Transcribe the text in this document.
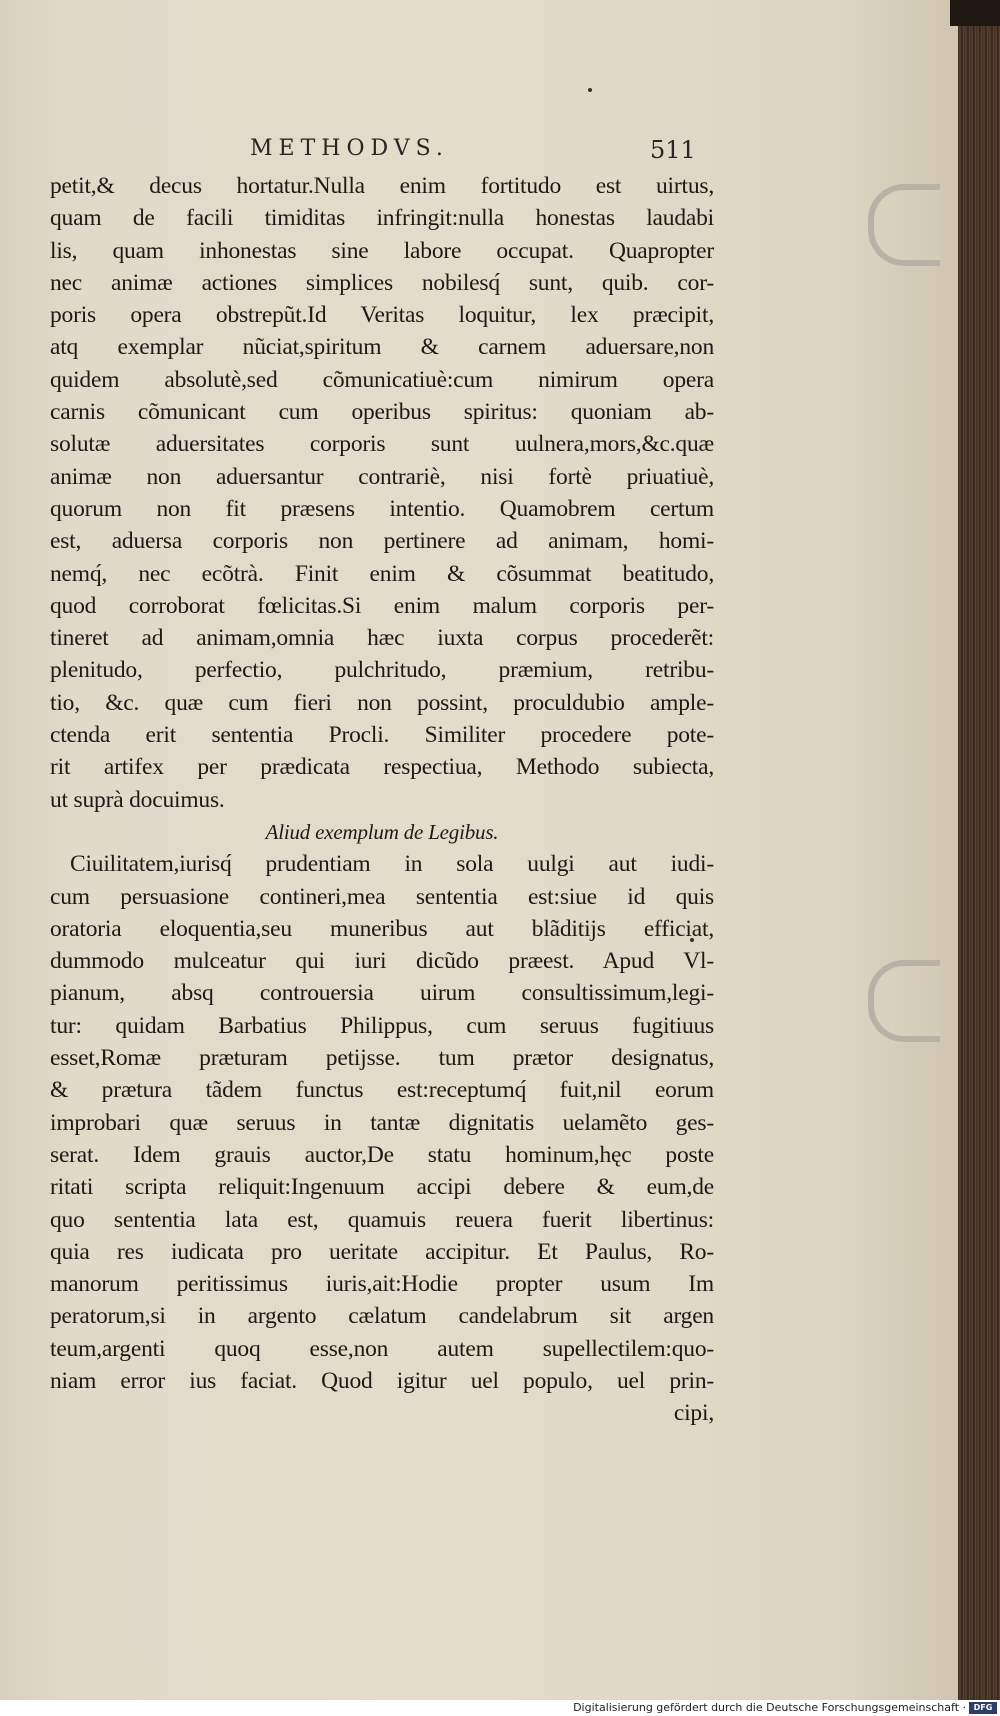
METHODVS.	511
petit,& decus hortatur.Nulla enim fortitudo est uirtus,
quam de facili timiditas infringit:nulla honestas laudabi
lis, quam inhonestas sine labore occupat. Quapropter
nec animæ actiones simplices nobilesq́ sunt, quib. cor-
poris opera obstrepũt.Id Veritas loquitur, lex præcipit,
atq exemplar nũciat,spiritum & carnem aduersare,non
quidem absolutè,sed cõmunicatiuè:cum nimirum opera
carnis cõmunicant cum operibus spiritus: quoniam ab-
solutæ aduersitates corporis sunt uulnera,mors,&c.quæ
animæ non aduersantur contrariè, nisi fortè priuatiuè,
quorum non fit præsens intentio. Quamobrem certum
est, aduersa corporis non pertinere ad animam, homi-
nemq́, nec ecõtrà. Finit enim & cõsummat beatitudo,
quod corroborat fœlicitas.Si enim malum corporis per-
tineret ad animam,omnia hæc iuxta corpus procederẽt:
plenitudo, perfectio, pulchritudo, præmium, retribu-
tio, &c. quæ cum fieri non possint, proculdubio ample-
ctenda erit sententia Procli. Similiter procedere pote-
rit artifex per prædicata respectiua, Methodo subiecta,
ut suprà docuimus.
Aliud exemplum de Legibus.
Ciuilitatem,iurisq́ prudentiam in sola uulgi aut iudi-
cum persuasione contineri,mea sententia est:siue id quis
oratoria eloquentia,seu muneribus aut blãditijs efficiat,
dummodo mulceatur qui iuri dicũdo præest. Apud Vl-
pianum, absq controuersia uirum consultissimum,legi-
tur: quidam Barbatius Philippus, cum seruus fugitiuus
esset,Romæ præturam petijsse. tum prætor designatus,
& prætura tãdem functus est:receptumq́ fuit,nil eorum
improbari quæ seruus in tantæ dignitatis uelamẽto ges-
serat. Idem grauis auctor,De statu hominum,hęc poste
ritati scripta reliquit:Ingenuum accipi debere & eum,de
quo sententia lata est, quamuis reuera fuerit libertinus:
quia res iudicata pro ueritate accipitur. Et Paulus, Ro-
manorum peritissimus iuris,ait:Hodie propter usum Im
peratorum,si in argento cælatum candelabrum sit argen
teum,argenti quoq esse,non autem supellectilem:quo-
niam error ius faciat. Quod igitur uel populo, uel prin-
cipi,
Digitalisierung gefördert durch die Deutsche Forschungsgemeinschaft · DFG
